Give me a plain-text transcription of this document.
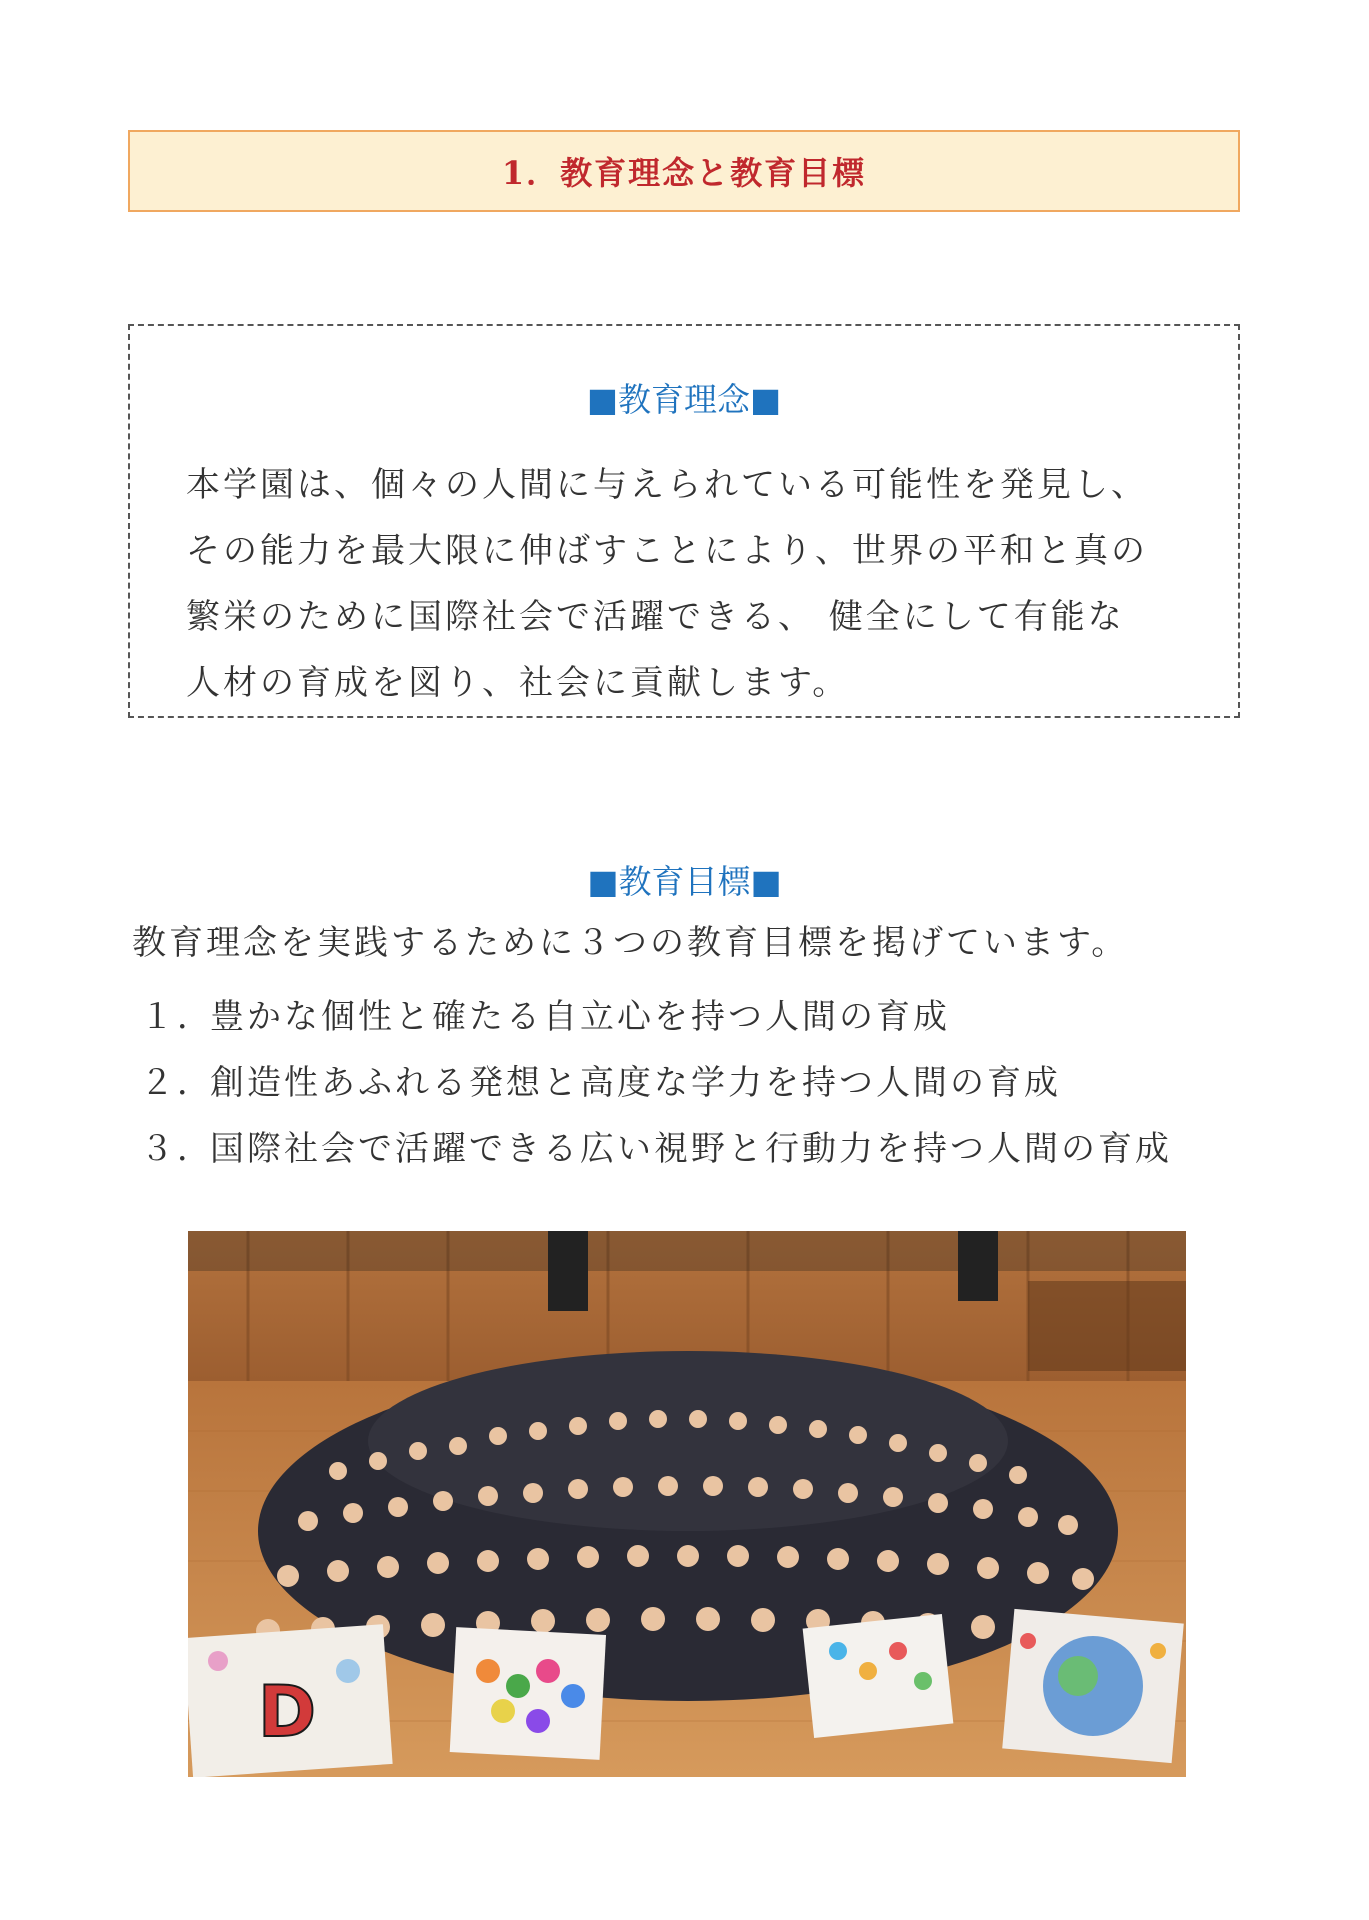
1．教育理念と教育目標
■教育理念■

本学園は、個々の人間に与えられている可能性を発見し、
その能力を最大限に伸ばすことにより、世界の平和と真の
繁栄のために国際社会で活躍できる、 健全にして有能な
人材の育成を図り、社会に貢献します。

■教育目標■

教育理念を実践するために３つの教育目標を掲げています。

１．
豊かな個性と確たる自立心を持つ人間の育成
２．
創造性あふれる発想と高度な学力を持つ人間の育成
３．
国際社会で活躍できる広い視野と行動力を持つ人間の育成
D
